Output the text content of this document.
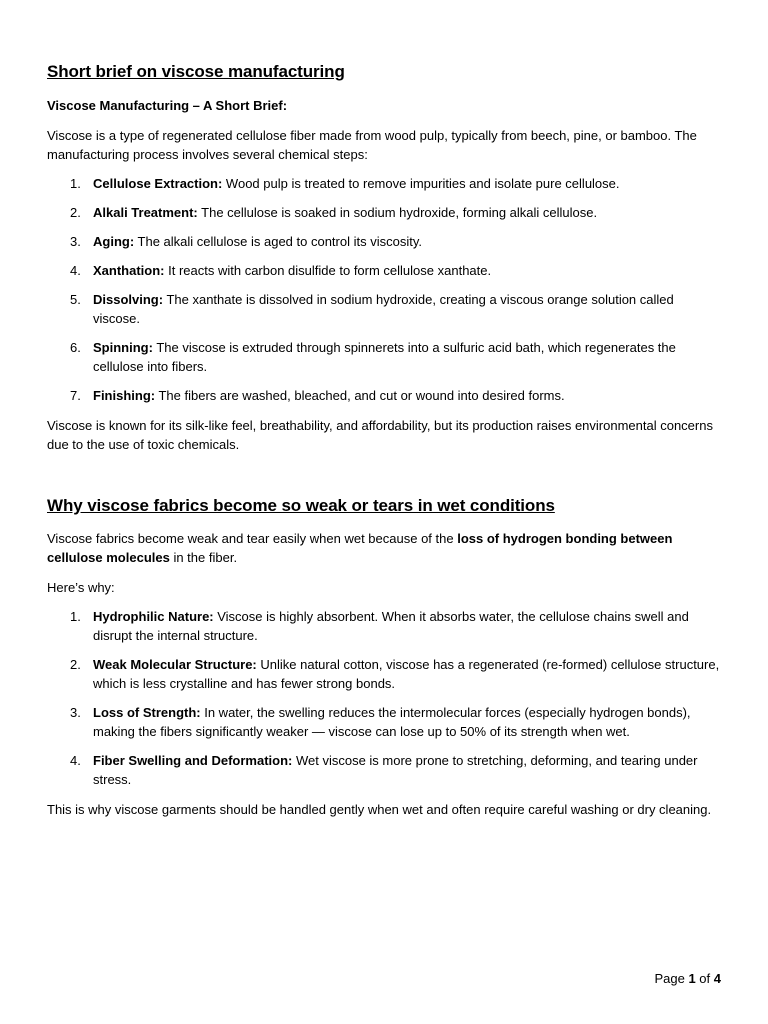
Short brief on viscose manufacturing

Viscose Manufacturing – A Short Brief:

Viscose is a type of regenerated cellulose fiber made from wood pulp, typically from beech, pine, or bamboo. The manufacturing process involves several chemical steps:

1. Cellulose Extraction: Wood pulp is treated to remove impurities and isolate pure cellulose.
2. Alkali Treatment: The cellulose is soaked in sodium hydroxide, forming alkali cellulose.
3. Aging: The alkali cellulose is aged to control its viscosity.
4. Xanthation: It reacts with carbon disulfide to form cellulose xanthate.
5. Dissolving: The xanthate is dissolved in sodium hydroxide, creating a viscous orange solution called viscose.
6. Spinning: The viscose is extruded through spinnerets into a sulfuric acid bath, which regenerates the cellulose into fibers.
7. Finishing: The fibers are washed, bleached, and cut or wound into desired forms.

Viscose is known for its silk-like feel, breathability, and affordability, but its production raises environmental concerns due to the use of toxic chemicals.

Why viscose fabrics become so weak or tears in wet conditions

Viscose fabrics become weak and tear easily when wet because of the loss of hydrogen bonding between cellulose molecules in the fiber.

Here’s why:

1. Hydrophilic Nature: Viscose is highly absorbent. When it absorbs water, the cellulose chains swell and disrupt the internal structure.
2. Weak Molecular Structure: Unlike natural cotton, viscose has a regenerated (re-formed) cellulose structure, which is less crystalline and has fewer strong bonds.
3. Loss of Strength: In water, the swelling reduces the intermolecular forces (especially hydrogen bonds), making the fibers significantly weaker — viscose can lose up to 50% of its strength when wet.
4. Fiber Swelling and Deformation: Wet viscose is more prone to stretching, deforming, and tearing under stress.

This is why viscose garments should be handled gently when wet and often require careful washing or dry cleaning.

Page 1 of 4
